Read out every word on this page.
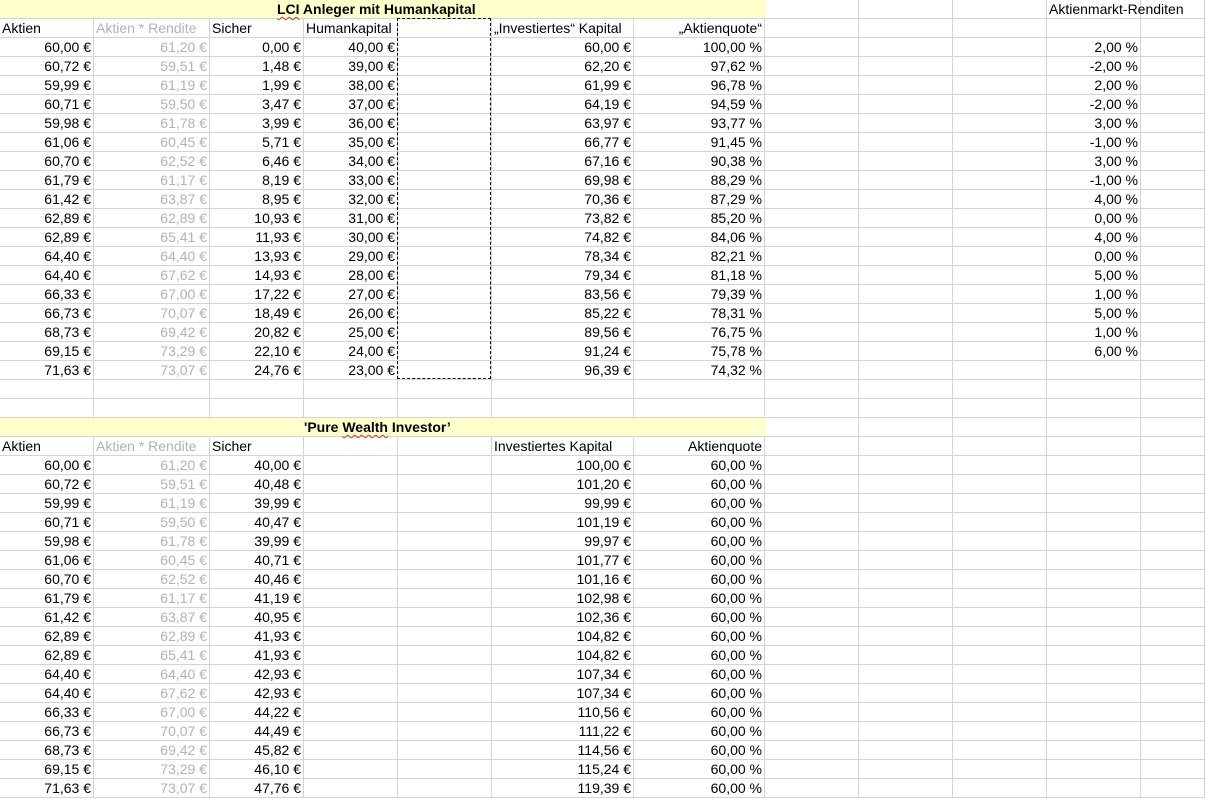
Aktienmarkt-Renditen
Aktien	Aktien * Rendite	Sicher	Humankapital	„Investiertes“ Kapital	„Aktienquote“
60,00 €	61,20 €	0,00 €	40,00 €	60,00 €	100,00 %	2,00 %
60,72 €	59,51 €	1,48 €	39,00 €	62,20 €	97,62 %	-2,00 %
59,99 €	61,19 €	1,99 €	38,00 €	61,99 €	96,78 %	2,00 %
60,71 €	59,50 €	3,47 €	37,00 €	64,19 €	94,59 %	-2,00 %
59,98 €	61,78 €	3,99 €	36,00 €	63,97 €	93,77 %	3,00 %
61,06 €	60,45 €	5,71 €	35,00 €	66,77 €	91,45 %	-1,00 %
60,70 €	62,52 €	6,46 €	34,00 €	67,16 €	90,38 %	3,00 %
61,79 €	61,17 €	8,19 €	33,00 €	69,98 €	88,29 %	-1,00 %
61,42 €	63,87 €	8,95 €	32,00 €	70,36 €	87,29 %	4,00 %
62,89 €	62,89 €	10,93 €	31,00 €	73,82 €	85,20 %	0,00 %
62,89 €	65,41 €	11,93 €	30,00 €	74,82 €	84,06 %	4,00 %
64,40 €	64,40 €	13,93 €	29,00 €	78,34 €	82,21 %	0,00 %
64,40 €	67,62 €	14,93 €	28,00 €	79,34 €	81,18 %	5,00 %
66,33 €	67,00 €	17,22 €	27,00 €	83,56 €	79,39 %	1,00 %
66,73 €	70,07 €	18,49 €	26,00 €	85,22 €	78,31 %	5,00 %
68,73 €	69,42 €	20,82 €	25,00 €	89,56 €	76,75 %	1,00 %
69,15 €	73,29 €	22,10 €	24,00 €	91,24 €	75,78 %	6,00 %
71,63 €	73,07 €	24,76 €	23,00 €	96,39 €	74,32 %
Aktien	Aktien * Rendite	Sicher	Investiertes Kapital	Aktienquote
60,00 €	61,20 €	40,00 €	100,00 €	60,00 %
60,72 €	59,51 €	40,48 €	101,20 €	60,00 %
59,99 €	61,19 €	39,99 €	99,99 €	60,00 %
60,71 €	59,50 €	40,47 €	101,19 €	60,00 %
59,98 €	61,78 €	39,99 €	99,97 €	60,00 %
61,06 €	60,45 €	40,71 €	101,77 €	60,00 %
60,70 €	62,52 €	40,46 €	101,16 €	60,00 %
61,79 €	61,17 €	41,19 €	102,98 €	60,00 %
61,42 €	63,87 €	40,95 €	102,36 €	60,00 %
62,89 €	62,89 €	41,93 €	104,82 €	60,00 %
62,89 €	65,41 €	41,93 €	104,82 €	60,00 %
64,40 €	64,40 €	42,93 €	107,34 €	60,00 %
64,40 €	67,62 €	42,93 €	107,34 €	60,00 %
66,33 €	67,00 €	44,22 €	110,56 €	60,00 %
66,73 €	70,07 €	44,49 €	111,22 €	60,00 %
68,73 €	69,42 €	45,82 €	114,56 €	60,00 %
69,15 €	73,29 €	46,10 €	115,24 €	60,00 %
71,63 €	73,07 €	47,76 €	119,39 €	60,00 %
LCI Anleger mit Humankapital
'Pure Wealth Investor’
